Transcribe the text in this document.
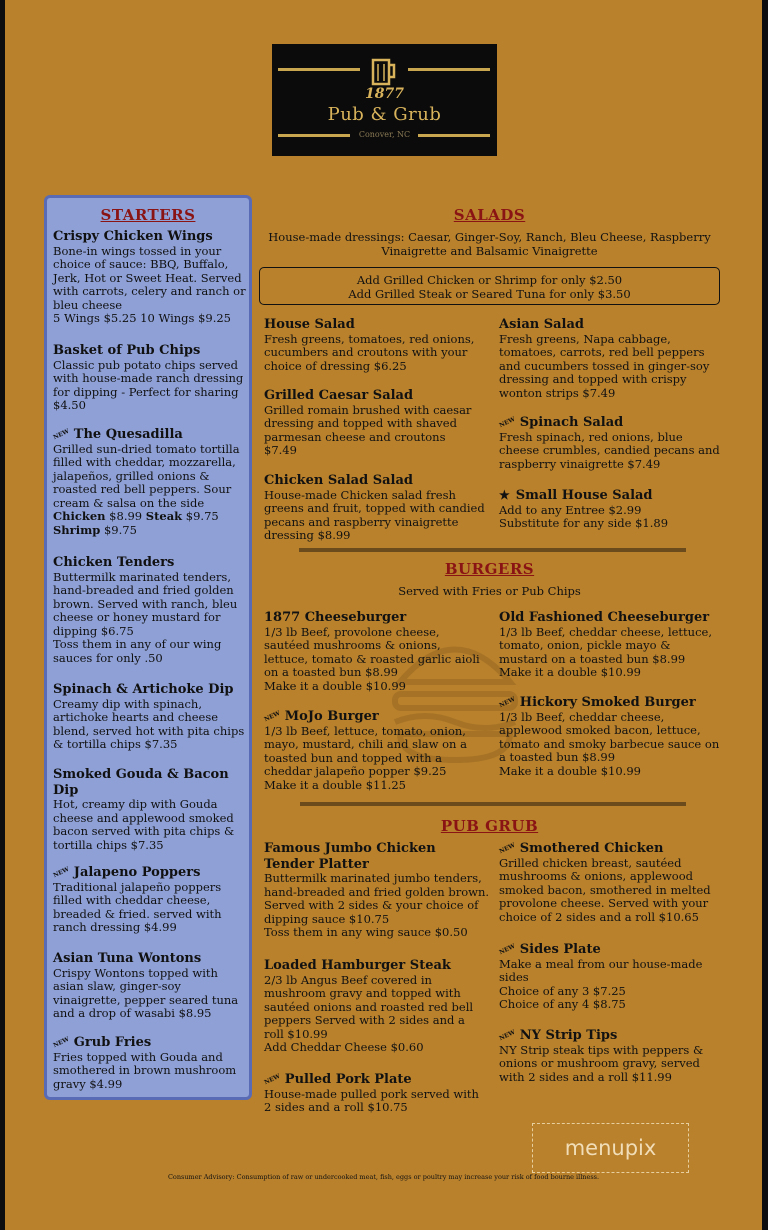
1877
Pub & Grub
Conover, NC
STARTERS
Crispy Chicken Wings
Bone-in wings tossed in your
choice of sauce: BBQ, Buffalo,
Jerk, Hot or Sweet Heat. Served
with carrots, celery and ranch or
bleu cheese
5 Wings $5.25 10 Wings $9.25
Basket of Pub Chips
Classic pub potato chips served
with house-made ranch dressing
for dipping - Perfect for sharing
$4.50
NEW The Quesadilla
Grilled sun-dried tomato tortilla
filled with cheddar, mozzarella,
jalapeños, grilled onions &
roasted red bell peppers. Sour
cream & salsa on the side
Chicken $8.99 Steak $9.75
Shrimp $9.75
Chicken Tenders
Buttermilk marinated tenders,
hand-breaded and fried golden
brown. Served with ranch, bleu
cheese or honey mustard for
dipping $6.75
Toss them in any of our wing
sauces for only .50
Spinach & Artichoke Dip
Creamy dip with spinach,
artichoke hearts and cheese
blend, served hot with pita chips
& tortilla chips $7.35
Smoked Gouda & Bacon
Dip
Hot, creamy dip with Gouda
cheese and applewood smoked
bacon served with pita chips &
tortilla chips $7.35
NEW Jalapeno Poppers
Traditional jalapeño poppers
filled with cheddar cheese,
breaded & fried. served with
ranch dressing $4.99
Asian Tuna Wontons
Crispy Wontons topped with
asian slaw, ginger-soy
vinaigrette, pepper seared tuna
and a drop of wasabi $8.95
NEW Grub Fries
Fries topped with Gouda and
smothered in brown mushroom
gravy $4.99
SALADS
House-made dressings: Caesar, Ginger-Soy, Ranch, Bleu Cheese, Raspberry
Vinaigrette and Balsamic Vinaigrette
Add Grilled Chicken or Shrimp for only $2.50
Add Grilled Steak or Seared Tuna for only $3.50
House Salad
Fresh greens, tomatoes, red onions,
cucumbers and croutons with your
choice of dressing $6.25
Grilled Caesar Salad
Grilled romain brushed with caesar
dressing and topped with shaved
parmesan cheese and croutons
$7.49
Chicken Salad Salad
House-made Chicken salad fresh
greens and fruit, topped with candied
pecans and raspberry vinaigrette
dressing $8.99
Asian Salad
Fresh greens, Napa cabbage,
tomatoes, carrots, red bell peppers
and cucumbers tossed in ginger-soy
dressing and topped with crispy
wonton strips $7.49
NEW Spinach Salad
Fresh spinach, red onions, blue
cheese crumbles, candied pecans and
raspberry vinaigrette $7.49
★ Small House Salad
Add to any Entree $2.99
Substitute for any side $1.89
BURGERS
Served with Fries or Pub Chips
1877 Cheeseburger
1/3 lb Beef, provolone cheese,
sautéed mushrooms & onions,
lettuce, tomato & roasted garlic aioli
on a toasted bun $8.99
Make it a double $10.99
NEW MoJo Burger
1/3 lb Beef, lettuce, tomato, onion,
mayo, mustard, chili and slaw on a
toasted bun and topped with a
cheddar jalapeño popper $9.25
Make it a double $11.25
Old Fashioned Cheeseburger
1/3 lb Beef, cheddar cheese, lettuce,
tomato, onion, pickle mayo &
mustard on a toasted bun $8.99
Make it a double $10.99
NEW Hickory Smoked Burger
1/3 lb Beef, cheddar cheese,
applewood smoked bacon, lettuce,
tomato and smoky barbecue sauce on
a toasted bun $8.99
Make it a double $10.99
PUB GRUB
Famous Jumbo Chicken
Tender Platter
Buttermilk marinated jumbo tenders,
hand-breaded and fried golden brown.
Served with 2 sides & your choice of
dipping sauce $10.75
Toss them in any wing sauce $0.50
Loaded Hamburger Steak
2/3 lb Angus Beef covered in
mushroom gravy and topped with
sautéed onions and roasted red bell
peppers Served with 2 sides and a
roll $10.99
Add Cheddar Cheese $0.60
NEW Pulled Pork Plate
House-made pulled pork served with
2 sides and a roll $10.75
NEW Smothered Chicken
Grilled chicken breast, sautéed
mushrooms & onions, applewood
smoked bacon, smothered in melted
provolone cheese. Served with your
choice of 2 sides and a roll $10.65
NEW Sides Plate
Make a meal from our house-made
sides
Choice of any 3 $7.25
Choice of any 4 $8.75
NEW NY Strip Tips
NY Strip steak tips with peppers &
onions or mushroom gravy, served
with 2 sides and a roll $11.99
menupix
Consumer Advisory: Consumption of raw or undercooked meat, fish, eggs or poultry may increase your risk of food bourne illness.
